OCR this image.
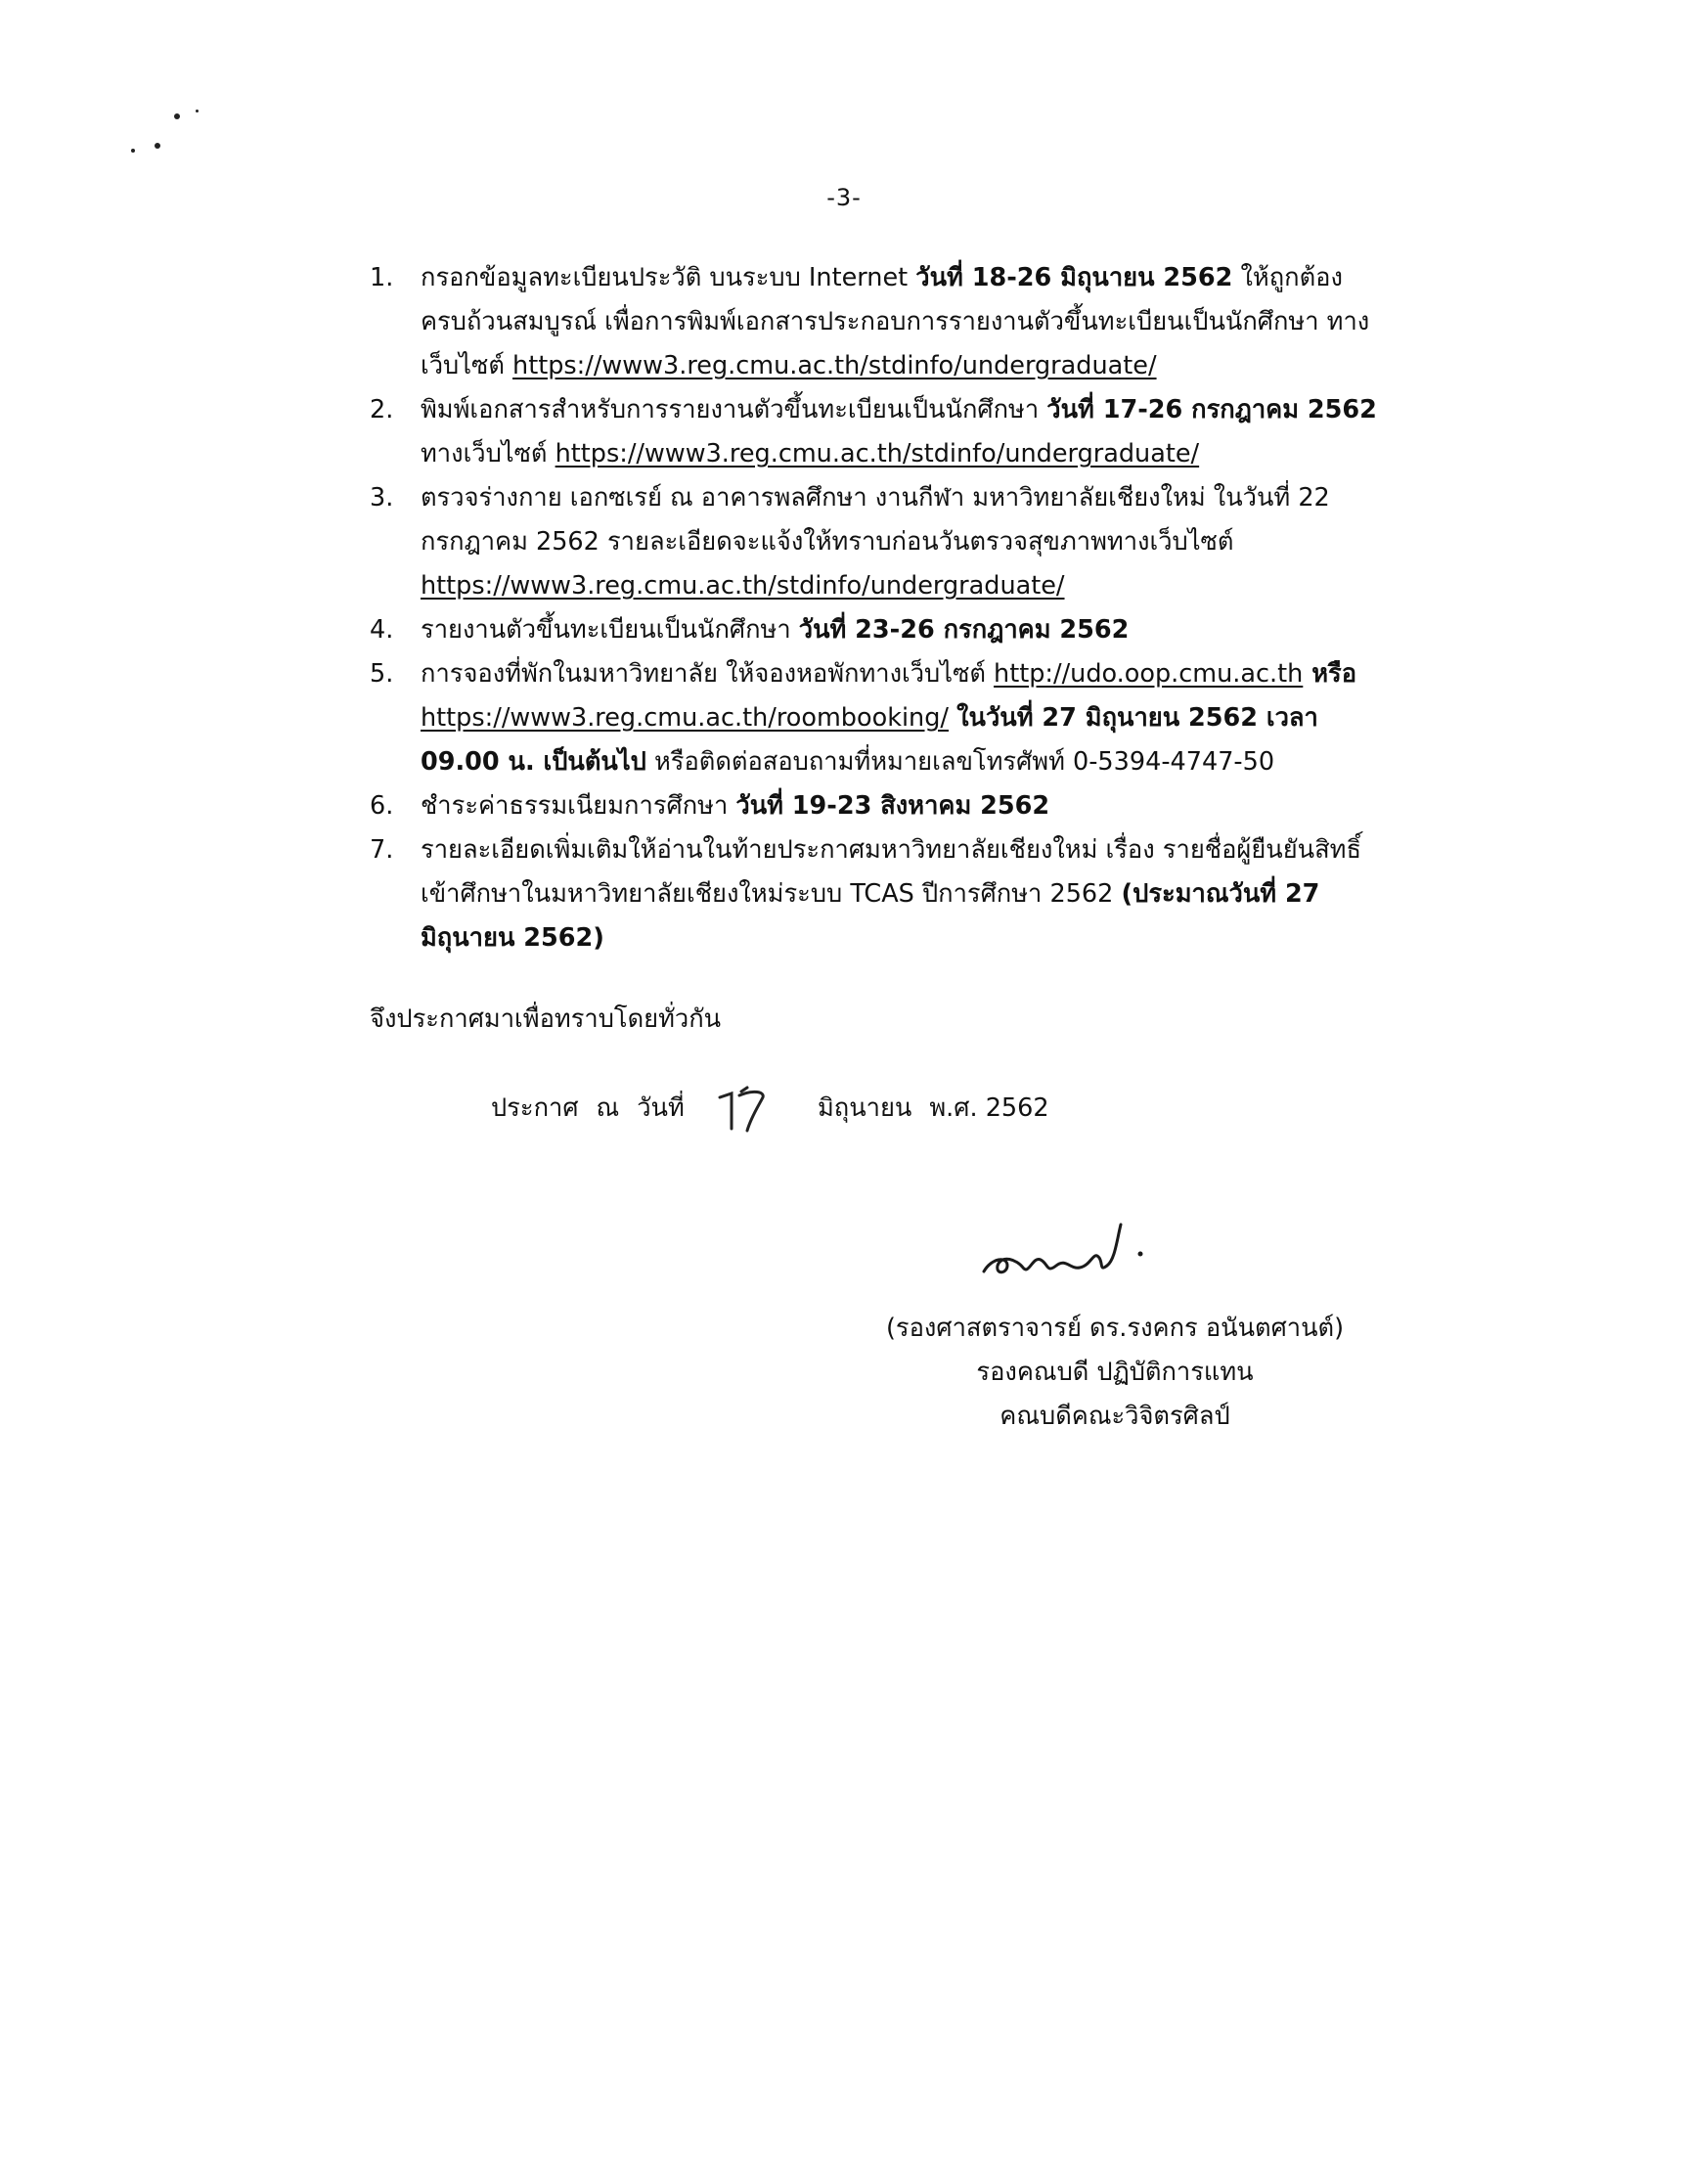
-3-
1. กรอกข้อมูลทะเบียนประวัติ บนระบบ Internet วันที่ 18-26 มิถุนายน 2562 ให้ถูกต้องครบถ้วนสมบูรณ์ เพื่อการพิมพ์เอกสารประกอบการรายงานตัวขึ้นทะเบียนเป็นนักศึกษา ทางเว็บไซต์ https://www3.reg.cmu.ac.th/stdinfo/undergraduate/
2. พิมพ์เอกสารสำหรับการรายงานตัวขึ้นทะเบียนเป็นนักศึกษา วันที่ 17-26 กรกฎาคม 2562 ทางเว็บไซต์ https://www3.reg.cmu.ac.th/stdinfo/undergraduate/
3. ตรวจร่างกาย เอกซเรย์ ณ อาคารพลศึกษา งานกีฬา มหาวิทยาลัยเชียงใหม่ ในวันที่ 22 กรกฎาคม 2562 รายละเอียดจะแจ้งให้ทราบก่อนวันตรวจสุขภาพทางเว็บไซต์ https://www3.reg.cmu.ac.th/stdinfo/undergraduate/
4. รายงานตัวขึ้นทะเบียนเป็นนักศึกษา วันที่ 23-26 กรกฎาคม 2562
5. การจองที่พักในมหาวิทยาลัย ให้จองหอพักทางเว็บไซต์ http://udo.oop.cmu.ac.th หรือ https://www3.reg.cmu.ac.th/roombooking/ ในวันที่ 27 มิถุนายน 2562 เวลา 09.00 น. เป็นต้นไป หรือติดต่อสอบถามที่หมายเลขโทรศัพท์ 0-5394-4747-50
6. ชำระค่าธรรมเนียมการศึกษา วันที่ 19-23 สิงหาคม 2562
7. รายละเอียดเพิ่มเติมให้อ่านในท้ายประกาศมหาวิทยาลัยเชียงใหม่ เรื่อง รายชื่อผู้ยืนยันสิทธิ์เข้าศึกษาในมหาวิทยาลัยเชียงใหม่ระบบ TCAS ปีการศึกษา 2562 (ประมาณวันที่ 27 มิถุนายน 2562)
จึงประกาศมาเพื่อทราบโดยทั่วกัน
ประกาศ ณ วันที่	มิถุนายน พ.ศ. 2562
(รองศาสตราจารย์ ดร.รงคกร อนันตศานต์)
รองคณบดี ปฏิบัติการแทน
คณบดีคณะวิจิตรศิลป์
